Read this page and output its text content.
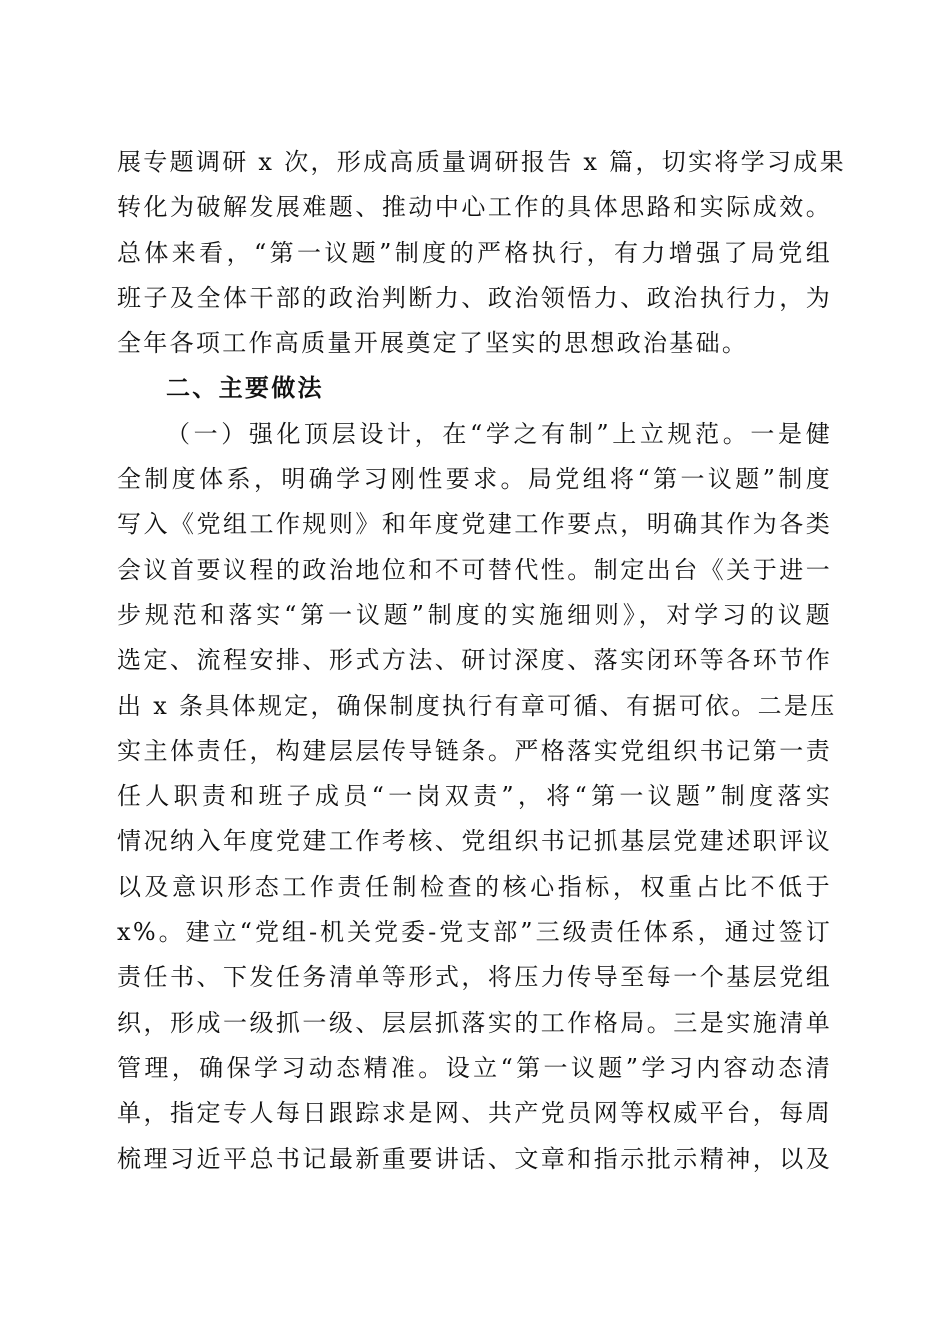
展专题调研 x 次，形成高质量调研报告 x 篇，切实将学习成果
转化为破解发展难题、推动中心工作的具体思路和实际成效。
总体来看，“第一议题”制度的严格执行，有力增强了局党组
班子及全体干部的政治判断力、政治领悟力、政治执行力，为
全年各项工作高质量开展奠定了坚实的思想政治基础。
二、主要做法
（一）强化顶层设计，在“学之有制”上立规范。一是健
全制度体系，明确学习刚性要求。局党组将“第一议题”制度
写入《党组工作规则》和年度党建工作要点，明确其作为各类
会议首要议程的政治地位和不可替代性。制定出台《关于进一
步规范和落实“第一议题”制度的实施细则》，对学习的议题
选定、流程安排、形式方法、研讨深度、落实闭环等各环节作
出 x 条具体规定，确保制度执行有章可循、有据可依。二是压
实主体责任，构建层层传导链条。严格落实党组织书记第一责
任人职责和班子成员“一岗双责”，将“第一议题”制度落实
情况纳入年度党建工作考核、党组织书记抓基层党建述职评议
以及意识形态工作责任制检查的核心指标，权重占比不低于
x%。建立“党组-机关党委-党支部”三级责任体系，通过签订
责任书、下发任务清单等形式，将压力传导至每一个基层党组
织，形成一级抓一级、层层抓落实的工作格局。三是实施清单
管理，确保学习动态精准。设立“第一议题”学习内容动态清
单，指定专人每日跟踪求是网、共产党员网等权威平台，每周
梳理习近平总书记最新重要讲话、文章和指示批示精神，以及
